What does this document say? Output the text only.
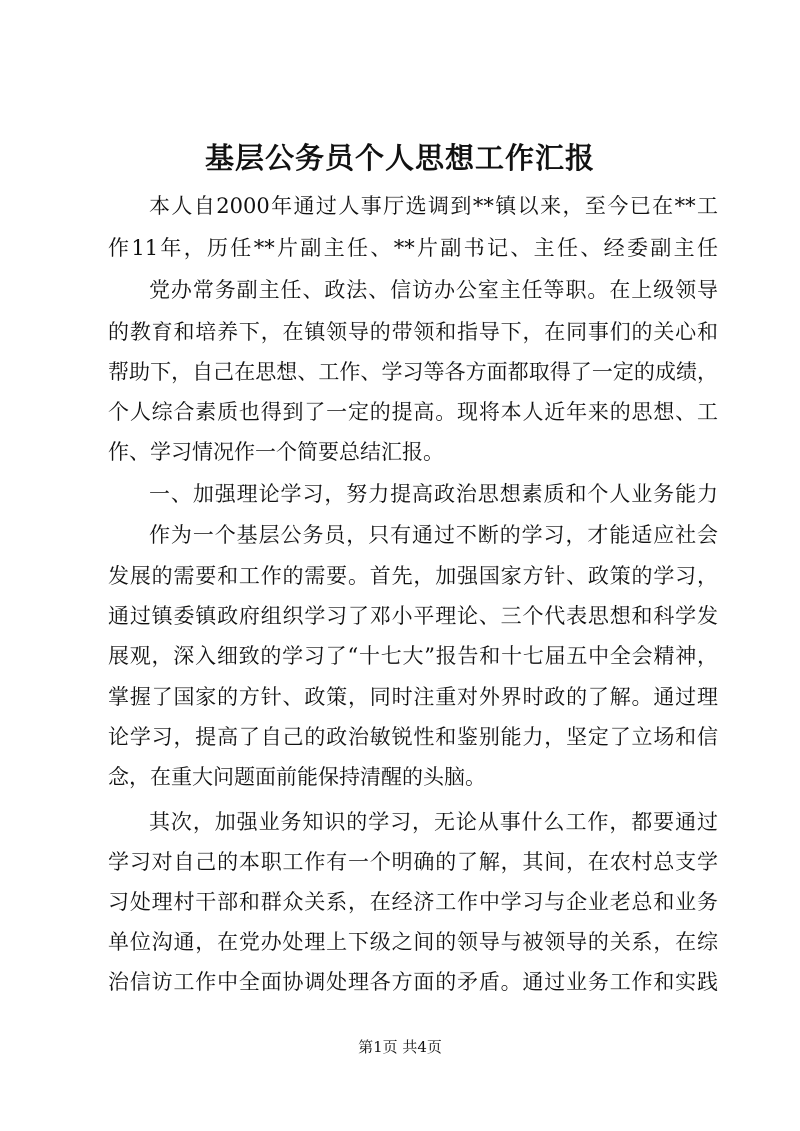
基层公务员个人思想工作汇报
本人自2000年通过人事厅选调到**镇以来，至今已在**工
作11年，历任**片副主任、**片副书记、主任、经委副主任
党办常务副主任、政法、信访办公室主任等职。在上级领导
的教育和培养下，在镇领导的带领和指导下，在同事们的关心和
帮助下，自己在思想、工作、学习等各方面都取得了一定的成绩，
个人综合素质也得到了一定的提高。现将本人近年来的思想、工
作、学习情况作一个简要总结汇报。
一、加强理论学习，努力提高政治思想素质和个人业务能力
作为一个基层公务员，只有通过不断的学习，才能适应社会
发展的需要和工作的需要。首先，加强国家方针、政策的学习，
通过镇委镇政府组织学习了邓小平理论、三个代表思想和科学发
展观，深入细致的学习了“十七大”报告和十七届五中全会精神，
掌握了国家的方针、政策，同时注重对外界时政的了解。通过理
论学习，提高了自己的政治敏锐性和鉴别能力，坚定了立场和信
念，在重大问题面前能保持清醒的头脑。
其次，加强业务知识的学习，无论从事什么工作，都要通过
学习对自己的本职工作有一个明确的了解，其间，在农村总支学
习处理村干部和群众关系，在经济工作中学习与企业老总和业务
单位沟通，在党办处理上下级之间的领导与被领导的关系，在综
治信访工作中全面协调处理各方面的矛盾。通过业务工作和实践
第1页 共4页
